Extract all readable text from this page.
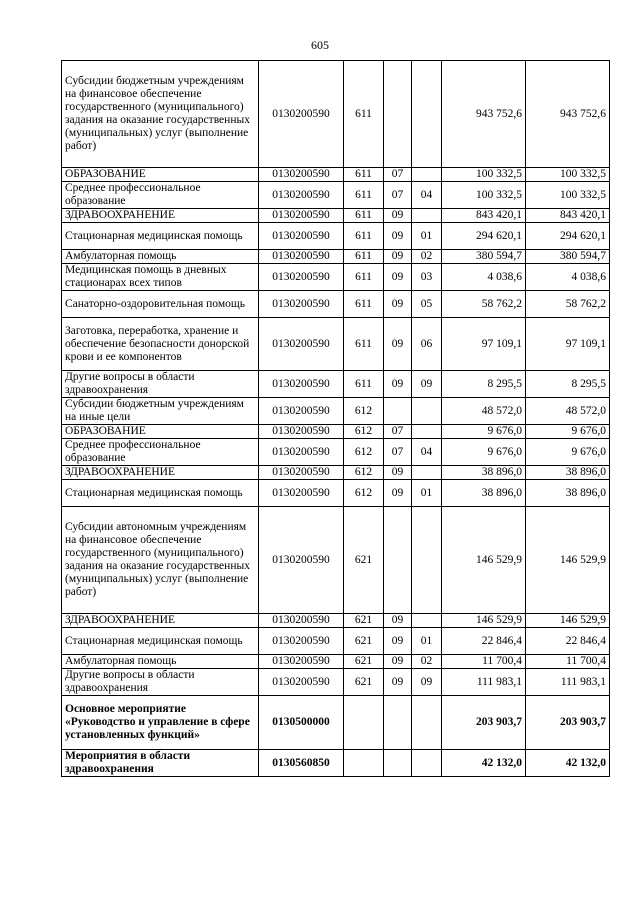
605
Субсидии бюджетным учреждениям на финансовое обеспечение государственного (муниципального) задания на оказание государственных (муниципальных) услуг (выполнение работ)	0130200590	611			943 752,6	943 752,6
ОБРАЗОВАНИЕ	0130200590	611	07		100 332,5	100 332,5
Среднее профессиональное образование	0130200590	611	07	04	100 332,5	100 332,5
ЗДРАВООХРАНЕНИЕ	0130200590	611	09		843 420,1	843 420,1
Стационарная медицинская помощь	0130200590	611	09	01	294 620,1	294 620,1
Амбулаторная помощь	0130200590	611	09	02	380 594,7	380 594,7
Медицинская помощь в дневных стационарах всех типов	0130200590	611	09	03	4 038,6	4 038,6
Санаторно-оздоровительная помощь	0130200590	611	09	05	58 762,2	58 762,2
Заготовка, переработка, хранение и обеспечение безопасности донорской крови и ее компонентов	0130200590	611	09	06	97 109,1	97 109,1
Другие вопросы в области здравоохранения	0130200590	611	09	09	8 295,5	8 295,5
Субсидии бюджетным учреждениям на иные цели	0130200590	612			48 572,0	48 572,0
ОБРАЗОВАНИЕ	0130200590	612	07		9 676,0	9 676,0
Среднее профессиональное образование	0130200590	612	07	04	9 676,0	9 676,0
ЗДРАВООХРАНЕНИЕ	0130200590	612	09		38 896,0	38 896,0
Стационарная медицинская помощь	0130200590	612	09	01	38 896,0	38 896,0
Субсидии автономным учреждениям на финансовое обеспечение государственного (муниципального) задания на оказание государственных (муниципальных) услуг (выполнение работ)	0130200590	621			146 529,9	146 529,9
ЗДРАВООХРАНЕНИЕ	0130200590	621	09		146 529,9	146 529,9
Стационарная медицинская помощь	0130200590	621	09	01	22 846,4	22 846,4
Амбулаторная помощь	0130200590	621	09	02	11 700,4	11 700,4
Другие вопросы в области здравоохранения	0130200590	621	09	09	111 983,1	111 983,1
Основное мероприятие «Руководство и управление в сфере установленных функций»	0130500000				203 903,7	203 903,7
Мероприятия в области здравоохранения	0130560850				42 132,0	42 132,0
